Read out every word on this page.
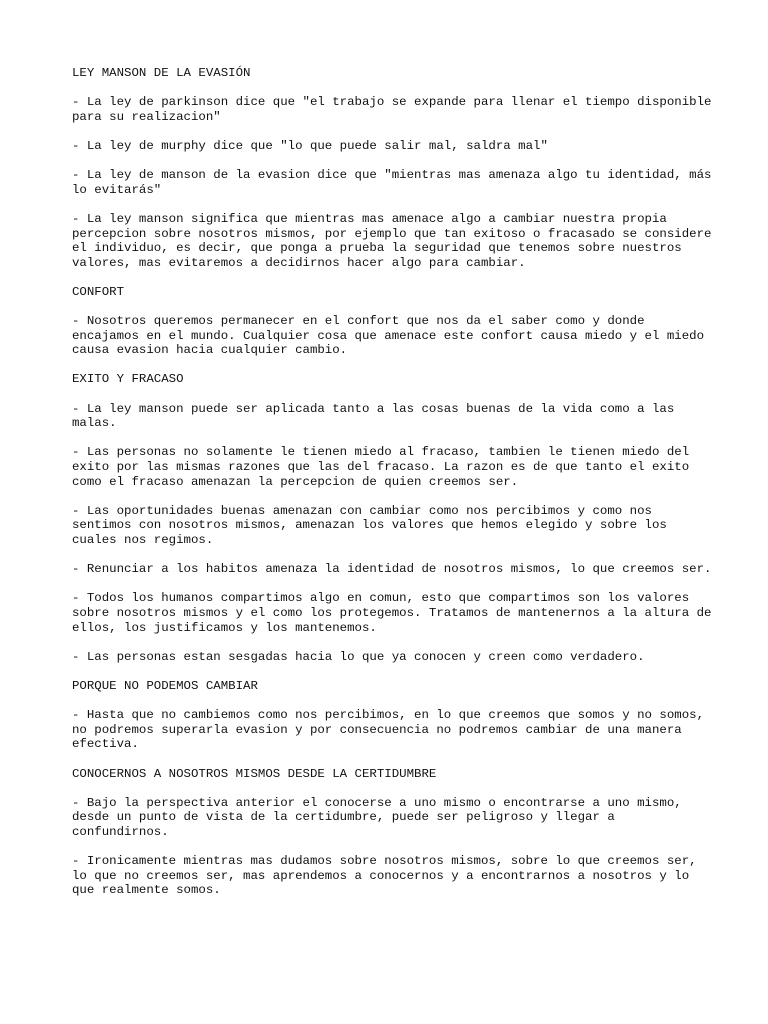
LEY MANSON DE LA EVASIÓN
- La ley de parkinson dice que "el trabajo se expande para llenar el tiempo disponible para su realizacion"
- La ley de murphy dice que "lo que puede salir mal, saldra mal"
- La ley de manson de la evasion dice que "mientras mas amenaza algo tu identidad, más lo evitarás"
- La ley manson significa que mientras mas amenace algo a cambiar nuestra propia percepcion sobre nosotros mismos, por ejemplo que tan exitoso o fracasado se considere el individuo, es decir, que ponga a prueba la seguridad que tenemos sobre nuestros valores, mas evitaremos a decidirnos hacer algo para cambiar.
CONFORT
- Nosotros queremos permanecer en el confort que nos da el saber como y donde encajamos en el mundo. Cualquier cosa que amenace este confort causa miedo y el miedo causa evasion hacia cualquier cambio.
EXITO Y FRACASO
- La ley manson puede ser aplicada tanto a las cosas buenas de la vida como a las malas.
- Las personas no solamente le tienen miedo al fracaso, tambien le tienen miedo del exito por las mismas razones que las del fracaso. La razon es de que tanto el exito como el fracaso amenazan la percepcion de quien creemos ser.
- Las oportunidades buenas amenazan con cambiar como nos percibimos y como nos sentimos con nosotros mismos, amenazan los valores que hemos elegido y sobre los cuales nos regimos.
- Renunciar a los habitos amenaza la identidad de nosotros mismos, lo que creemos ser.
- Todos los humanos compartimos algo en comun, esto que compartimos son los valores sobre nosotros mismos y el como los protegemos. Tratamos de mantenernos a la altura de ellos, los justificamos y los mantenemos.
- Las personas estan sesgadas hacia lo que ya conocen y creen como verdadero.
PORQUE NO PODEMOS CAMBIAR
- Hasta que no cambiemos como nos percibimos, en lo que creemos que somos y no somos, no podremos superarla evasion y por consecuencia no podremos cambiar de una manera efectiva.
CONOCERNOS A NOSOTROS MISMOS DESDE LA CERTIDUMBRE
- Bajo la perspectiva anterior el conocerse a uno mismo o encontrarse a uno mismo, desde un punto de vista de la certidumbre, puede ser peligroso y llegar a confundirnos.
- Ironicamente mientras mas dudamos sobre nosotros mismos, sobre lo que creemos ser, lo que no creemos ser, mas aprendemos a conocernos y a encontrarnos a nosotros y lo que realmente somos.
